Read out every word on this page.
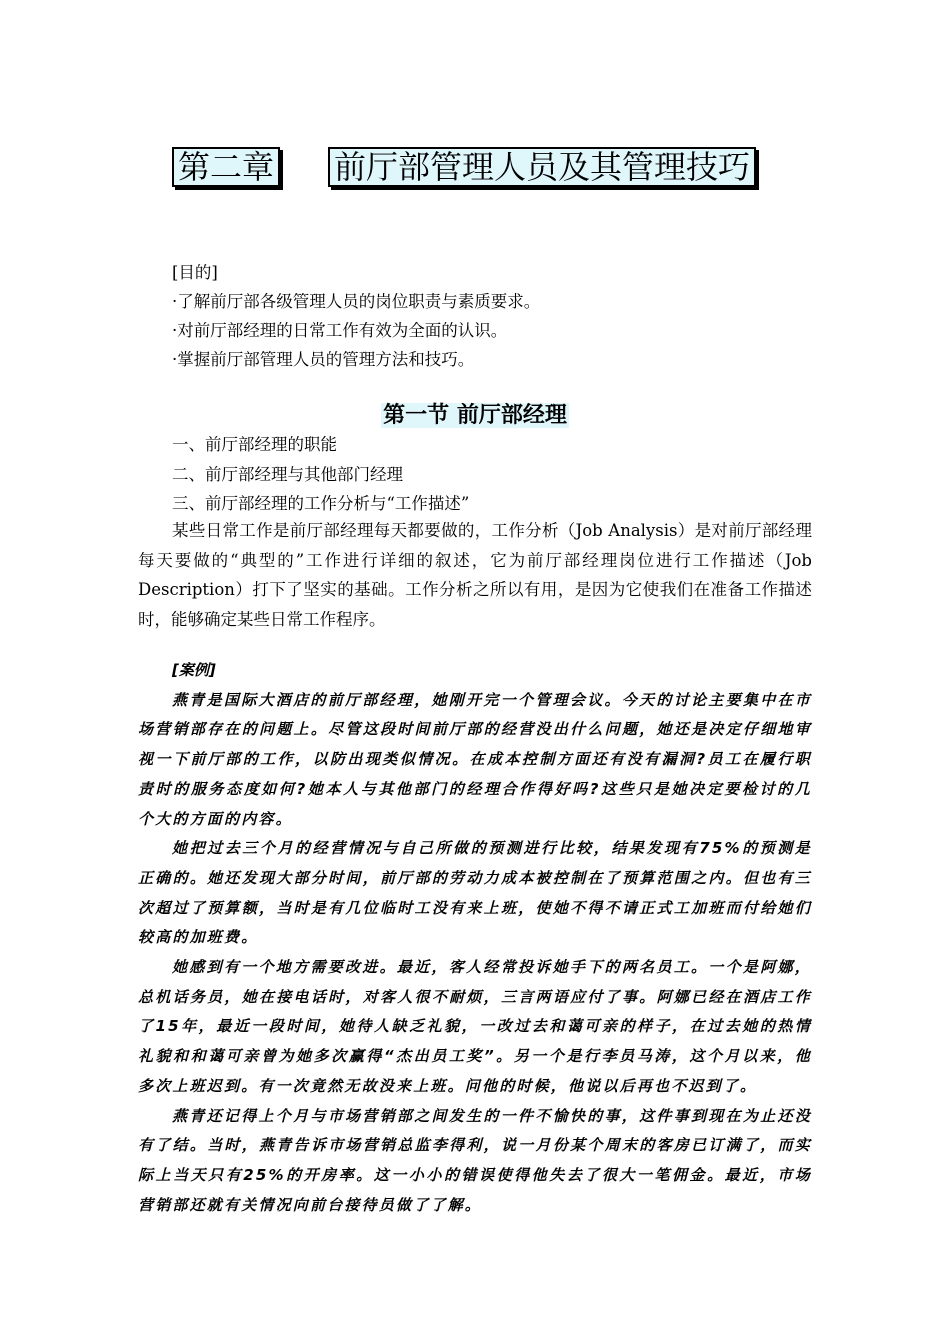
第二章 前厅部管理人员及其管理技巧
[目的]
·了解前厅部各级管理人员的岗位职责与素质要求。
·对前厅部经理的日常工作有效为全面的认识。
·掌握前厅部管理人员的管理方法和技巧。
第一节 前厅部经理
一、前厅部经理的职能
二、前厅部经理与其他部门经理
三、前厅部经理的工作分析与“工作描述”
某些日常工作是前厅部经理每天都要做的，工作分析（Job Analysis）是对前厅部经理每天要做的“典型的”工作进行详细的叙述，它为前厅部经理岗位进行工作描述（Job Description）打下了坚实的基础。工作分析之所以有用，是因为它使我们在准备工作描述时，能够确定某些日常工作程序。
[案例]

燕青是国际大酒店的前厅部经理，她刚开完一个管理会议。今天的讨论主要集中在市场营销部存在的问题上。尽管这段时间前厅部的经营没出什么问题，她还是决定仔细地审视一下前厅部的工作，以防出现类似情况。在成本控制方面还有没有漏洞?员工在履行职责时的服务态度如何?她本人与其他部门的经理合作得好吗?这些只是她决定要检讨的几个大的方面的内容。

她把过去三个月的经营情况与自己所做的预测进行比较，结果发现有75%的预测是正确的。她还发现大部分时间，前厅部的劳动力成本被控制在了预算范围之内。但也有三次超过了预算额，当时是有几位临时工没有来上班，使她不得不请正式工加班而付给她们较高的加班费。

她感到有一个地方需要改进。最近，客人经常投诉她手下的两名员工。一个是阿娜，总机话务员，她在接电话时，对客人很不耐烦，三言两语应付了事。阿娜已经在酒店工作了15年，最近一段时间，她待人缺乏礼貌，一改过去和蔼可亲的样子，在过去她的热情礼貌和和蔼可亲曾为她多次赢得“杰出员工奖”。另一个是行李员马涛，这个月以来，他多次上班迟到。有一次竟然无故没来上班。问他的时候，他说以后再也不迟到了。

燕青还记得上个月与市场营销部之间发生的一件不愉快的事，这件事到现在为止还没有了结。当时，燕青告诉市场营销总监李得利，说一月份某个周末的客房已订满了，而实际上当天只有25%的开房率。这一小小的错误使得他失去了很大一笔佣金。最近，市场营销部还就有关情况向前台接待员做了了解。
